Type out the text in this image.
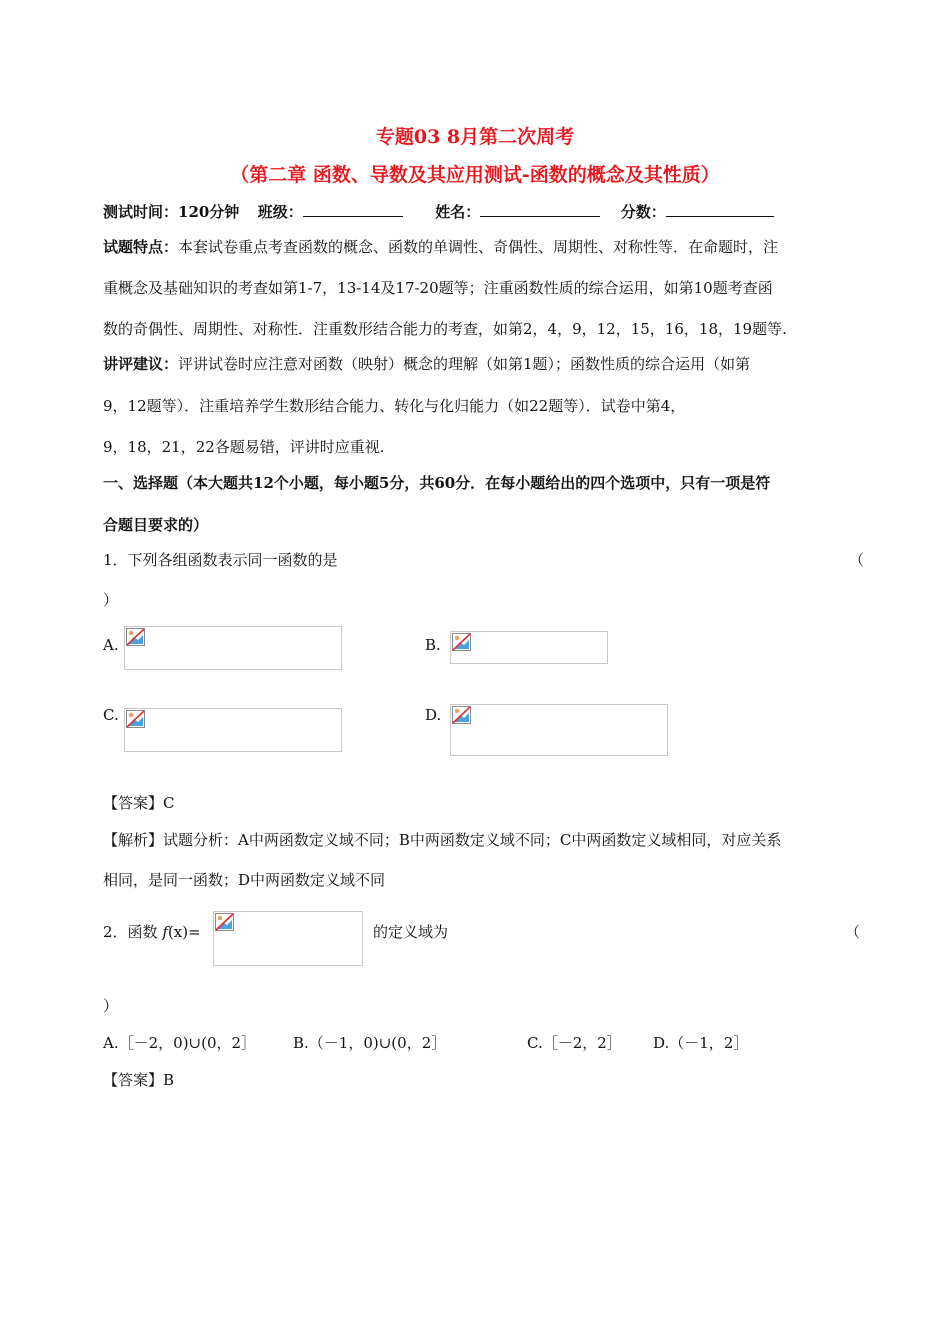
专题03 8月第二次周考
（第二章 函数、导数及其应用测试-函数的概念及其性质）
测试时间：120分钟 班级：	姓名：	分数：
试题特点：本套试卷重点考查函数的概念、函数的单调性、奇偶性、周期性、对称性等．在命题时，注
重概念及基础知识的考查如第1-7，13-14及17-20题等；注重函数性质的综合运用，如第10题考查函
数的奇偶性、周期性、对称性．注重数形结合能力的考查，如第2，4，9，12，15，16，18，19题等.
讲评建议：评讲试卷时应注意对函数（映射）概念的理解（如第1题）；函数性质的综合运用（如第
9，12题等）．注重培养学生数形结合能力、转化与化归能力（如22题等）．试卷中第4，
9，18，21，22各题易错，评讲时应重视.
一、选择题（本大题共12个小题，每小题5分，共60分．在每小题给出的四个选项中，只有一项是符
合题目要求的）
1．下列各组函数表示同一函数的是	（
）
A.	B.
C.	D.
【答案】C
【解析】试题分析：A中两函数定义域不同；B中两函数定义域不同；C中两函数定义域相同，对应关系
相同，是同一函数；D中两函数定义域不同
2．函数 f(x)=	的定义域为	（
）
A.［－2，0)∪(0，2］ B.（－1，0)∪(0，2］	C.［－2，2］ D.（－1，2］
【答案】B
